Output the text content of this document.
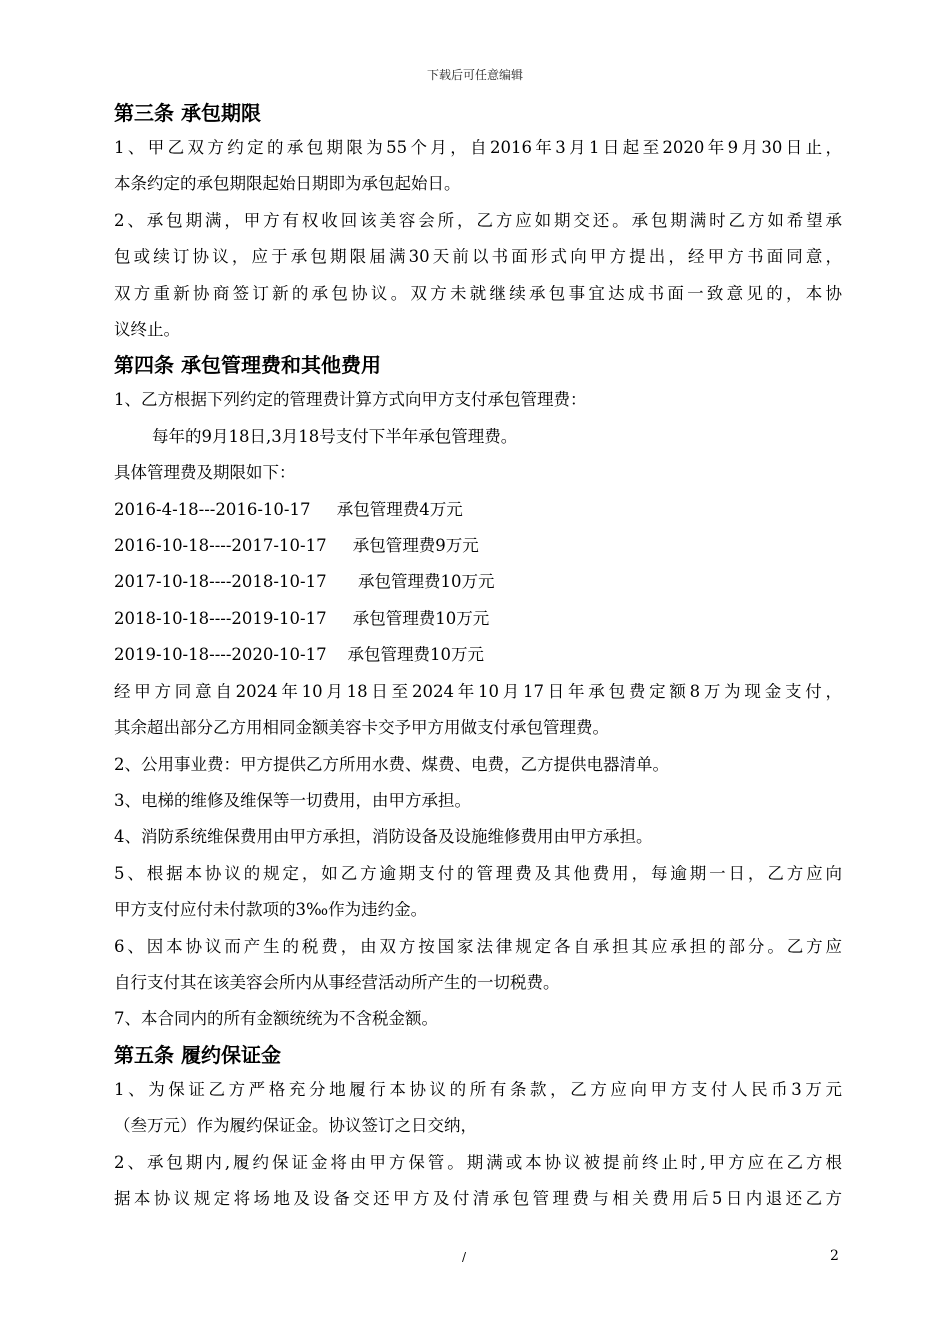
下载后可任意编辑
第三条 承包期限
1、甲乙双方约定的承包期限为55个月，自2016年3月1日起至2020年9月30日止，
本条约定的承包期限起始日期即为承包起始日。
2、承包期满，甲方有权收回该美容会所，乙方应如期交还。承包期满时乙方如希望承
包或续订协议，应于承包期限届满30天前以书面形式向甲方提出，经甲方书面同意，
双方重新协商签订新的承包协议。双方未就继续承包事宜达成书面一致意见的，本协
议终止。
第四条 承包管理费和其他费用
1、乙方根据下列约定的管理费计算方式向甲方支付承包管理费：
每年的9月18日,3月18号支付下半年承包管理费。
具体管理费及期限如下：
2016-4-18---2016-10-17     承包管理费4万元
2016-10-18----2017-10-17     承包管理费9万元
2017-10-18----2018-10-17      承包管理费10万元
2018-10-18----2019-10-17     承包管理费10万元
2019-10-18----2020-10-17    承包管理费10万元
经甲方同意自2024年10月18日至2024年10月17日年承包费定额8万为现金支付，
其余超出部分乙方用相同金额美容卡交予甲方用做支付承包管理费。
2、公用事业费：甲方提供乙方所用水费、煤费、电费，乙方提供电器清单。
3、电梯的维修及维保等一切费用，由甲方承担。
4、消防系统维保费用由甲方承担，消防设备及设施维修费用由甲方承担。
5、根据本协议的规定，如乙方逾期支付的管理费及其他费用，每逾期一日，乙方应向
甲方支付应付未付款项的3‰作为违约金。
6、因本协议而产生的税费，由双方按国家法律规定各自承担其应承担的部分。乙方应
自行支付其在该美容会所内从事经营活动所产生的一切税费。
7、本合同内的所有金额统统为不含税金额。
第五条 履约保证金
1、为保证乙方严格充分地履行本协议的所有条款，乙方应向甲方支付人民币3万元
（叁万元）作为履约保证金。协议签订之日交纳，
2、承包期内,履约保证金将由甲方保管。期满或本协议被提前终止时,甲方应在乙方根
据本协议规定将场地及设备交还甲方及付清承包管理费与相关费用后5日内退还乙方
/	2
